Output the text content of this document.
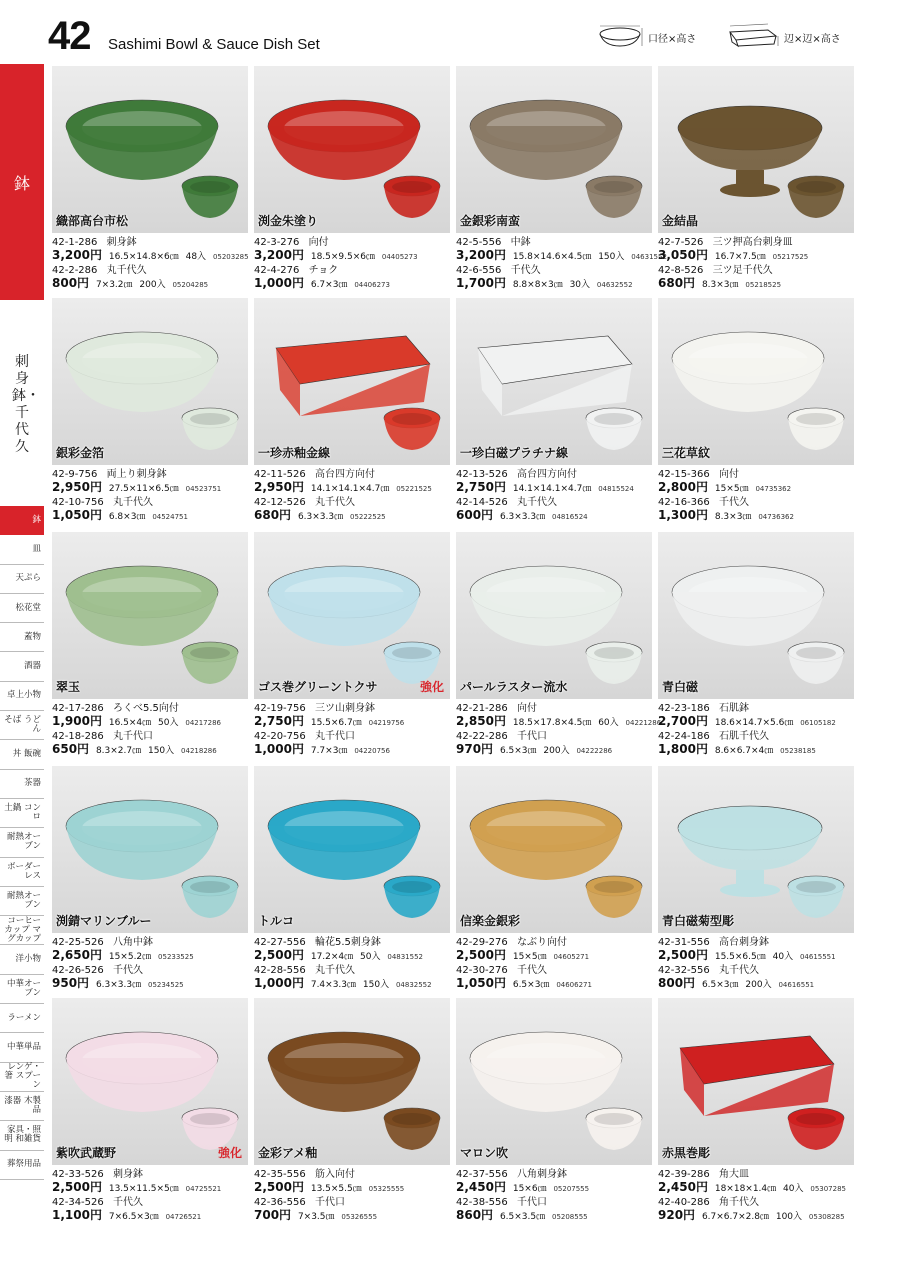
42 Sashimi Bowl & Sauce Dish Set	口径×高さ	辺×辺×高さ
鉢
刺身鉢・千代久
鉢
皿
天ぷら
松花堂
蓋物
酒器
卓上小物
そば うどん
丼 飯碗
茶器
土鍋 コンロ
耐熱オーブン
ボーダーレス
耐熱オーブン
コーヒーカップ マグカップ
洋小物
中華オーブン
ラーメン
中華単品
レンゲ・箸 スプーン
漆器 木製品
家具・照明 和雑貨
葬祭用品
織部高台市松
42-1-286 刺身鉢
3,200円 16.5×14.8×6㎝ 48入 05203285
42-2-286 丸千代久
800円 7×3.2㎝ 200入 05204285
渕金朱塗り
42-3-276 向付
3,200円 18.5×9.5×6㎝ 04405273
42-4-276 チョク
1,000円 6.7×3㎝ 04406273
金銀彩南蛮
42-5-556 中鉢
3,200円 15.8×14.6×4.5㎝ 150入 04631552
42-6-556 千代久
1,700円 8.8×8×3㎝ 30入 04632552
金結晶
42-7-526 三ツ押高台刺身皿
3,050円 16.7×7.5㎝ 05217525
42-8-526 三ツ足千代久
680円 8.3×3㎝ 05218525
銀彩金箔
42-9-756 両上り刺身鉢
2,950円 27.5×11×6.5㎝ 04523751
42-10-756 丸千代久
1,050円 6.8×3㎝ 04524751
一珍赤釉金線
42-11-526 高台四方向付
2,950円 14.1×14.1×4.7㎝ 05221525
42-12-526 丸千代久
680円 6.3×3.3㎝ 05222525
一珍白磁プラチナ線
42-13-526 高台四方向付
2,750円 14.1×14.1×4.7㎝ 04815524
42-14-526 丸千代久
600円 6.3×3.3㎝ 04816524
三花草紋
42-15-366 向付
2,800円 15×5㎝ 04735362
42-16-366 千代久
1,300円 8.3×3㎝ 04736362
翠玉
42-17-286 ろくべ5.5向付
1,900円 16.5×4㎝ 50入 04217286
42-18-286 丸千代口
650円 8.3×2.7㎝ 150入 04218286
ゴス巻グリーントクサ	強化
42-19-756 三ツ山刺身鉢
2,750円 15.5×6.7㎝ 04219756
42-20-756 丸千代口
1,000円 7.7×3㎝ 04220756
パールラスター流水
42-21-286 向付
2,850円 18.5×17.8×4.5㎝ 60入 04221286
42-22-286 千代口
970円 6.5×3㎝ 200入 04222286
青白磁
42-23-186 石肌鉢
2,700円 18.6×14.7×5.6㎝ 06105182
42-24-186 石肌千代久
1,800円 8.6×6.7×4㎝ 05238185
渕錆マリンブルー
42-25-526 八角中鉢
2,650円 15×5.2㎝ 05233525
42-26-526 千代久
950円 6.3×3.3㎝ 05234525
トルコ
42-27-556 輪花5.5刺身鉢
2,500円 17.2×4㎝ 50入 04831552
42-28-556 丸千代久
1,000円 7.4×3.3㎝ 150入 04832552
信楽金銀彩
42-29-276 なぶり向付
2,500円 15×5㎝ 04605271
42-30-276 千代久
1,050円 6.5×3㎝ 04606271
青白磁菊型彫
42-31-556 高台刺身鉢
2,500円 15.5×6.5㎝ 40入 04615551
42-32-556 丸千代久
800円 6.5×3㎝ 200入 04616551
紫吹武蔵野	強化
42-33-526 刺身鉢
2,500円 13.5×11.5×5㎝ 04725521
42-34-526 千代久
1,100円 7×6.5×3㎝ 04726521
金彩アメ釉
42-35-556 筋入向付
2,500円 13.5×5.5㎝ 05325555
42-36-556 千代口
700円 7×3.5㎝ 05326555
マロン吹
42-37-556 八角刺身鉢
2,450円 15×6㎝ 05207555
42-38-556 千代口
860円 6.5×3.5㎝ 05208555
赤黒巻彫
42-39-286 角大皿
2,450円 18×18×1.4㎝ 40入 05307285
42-40-286 角千代久
920円 6.7×6.7×2.8㎝ 100入 05308285
